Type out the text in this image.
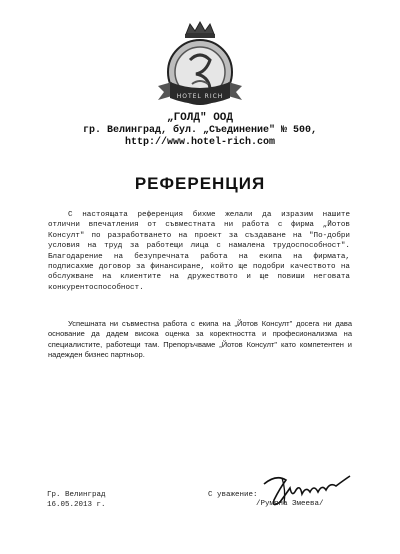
HOTEL RICH
„ГОЛД" ООД
гр. Велинград, бул. „Съединение" № 500,
http://www.hotel-rich.com
РЕФЕРЕНЦИЯ
С настоящата референция бихме желали да изразим нашите отлични впечатления от съвместната ни работа с фирма „Йотов Консулт" по разработването на проект за създаване на "По-добри условия на труд за работещи лица с намалена трудоспособност". Благодарение на безупречната работа на екипа на фирмата, подписахме договор за финансиране, който ще подобри качеството на обслужване на клиентите на дружеството и ще повиши неговата конкурентоспособност.
Успешната ни съвместна работа с екипа на „Йотов Консулт" досега ни дава основание да дадем висока оценка за коректността и професионализма на специалистите, работещи там. Препоръчваме „Йотов Консулт" като компетентен и надежден бизнес партньор.
Гр. Велинград
16.05.2013 г.
С уважение:
/Румяна Змеева/
